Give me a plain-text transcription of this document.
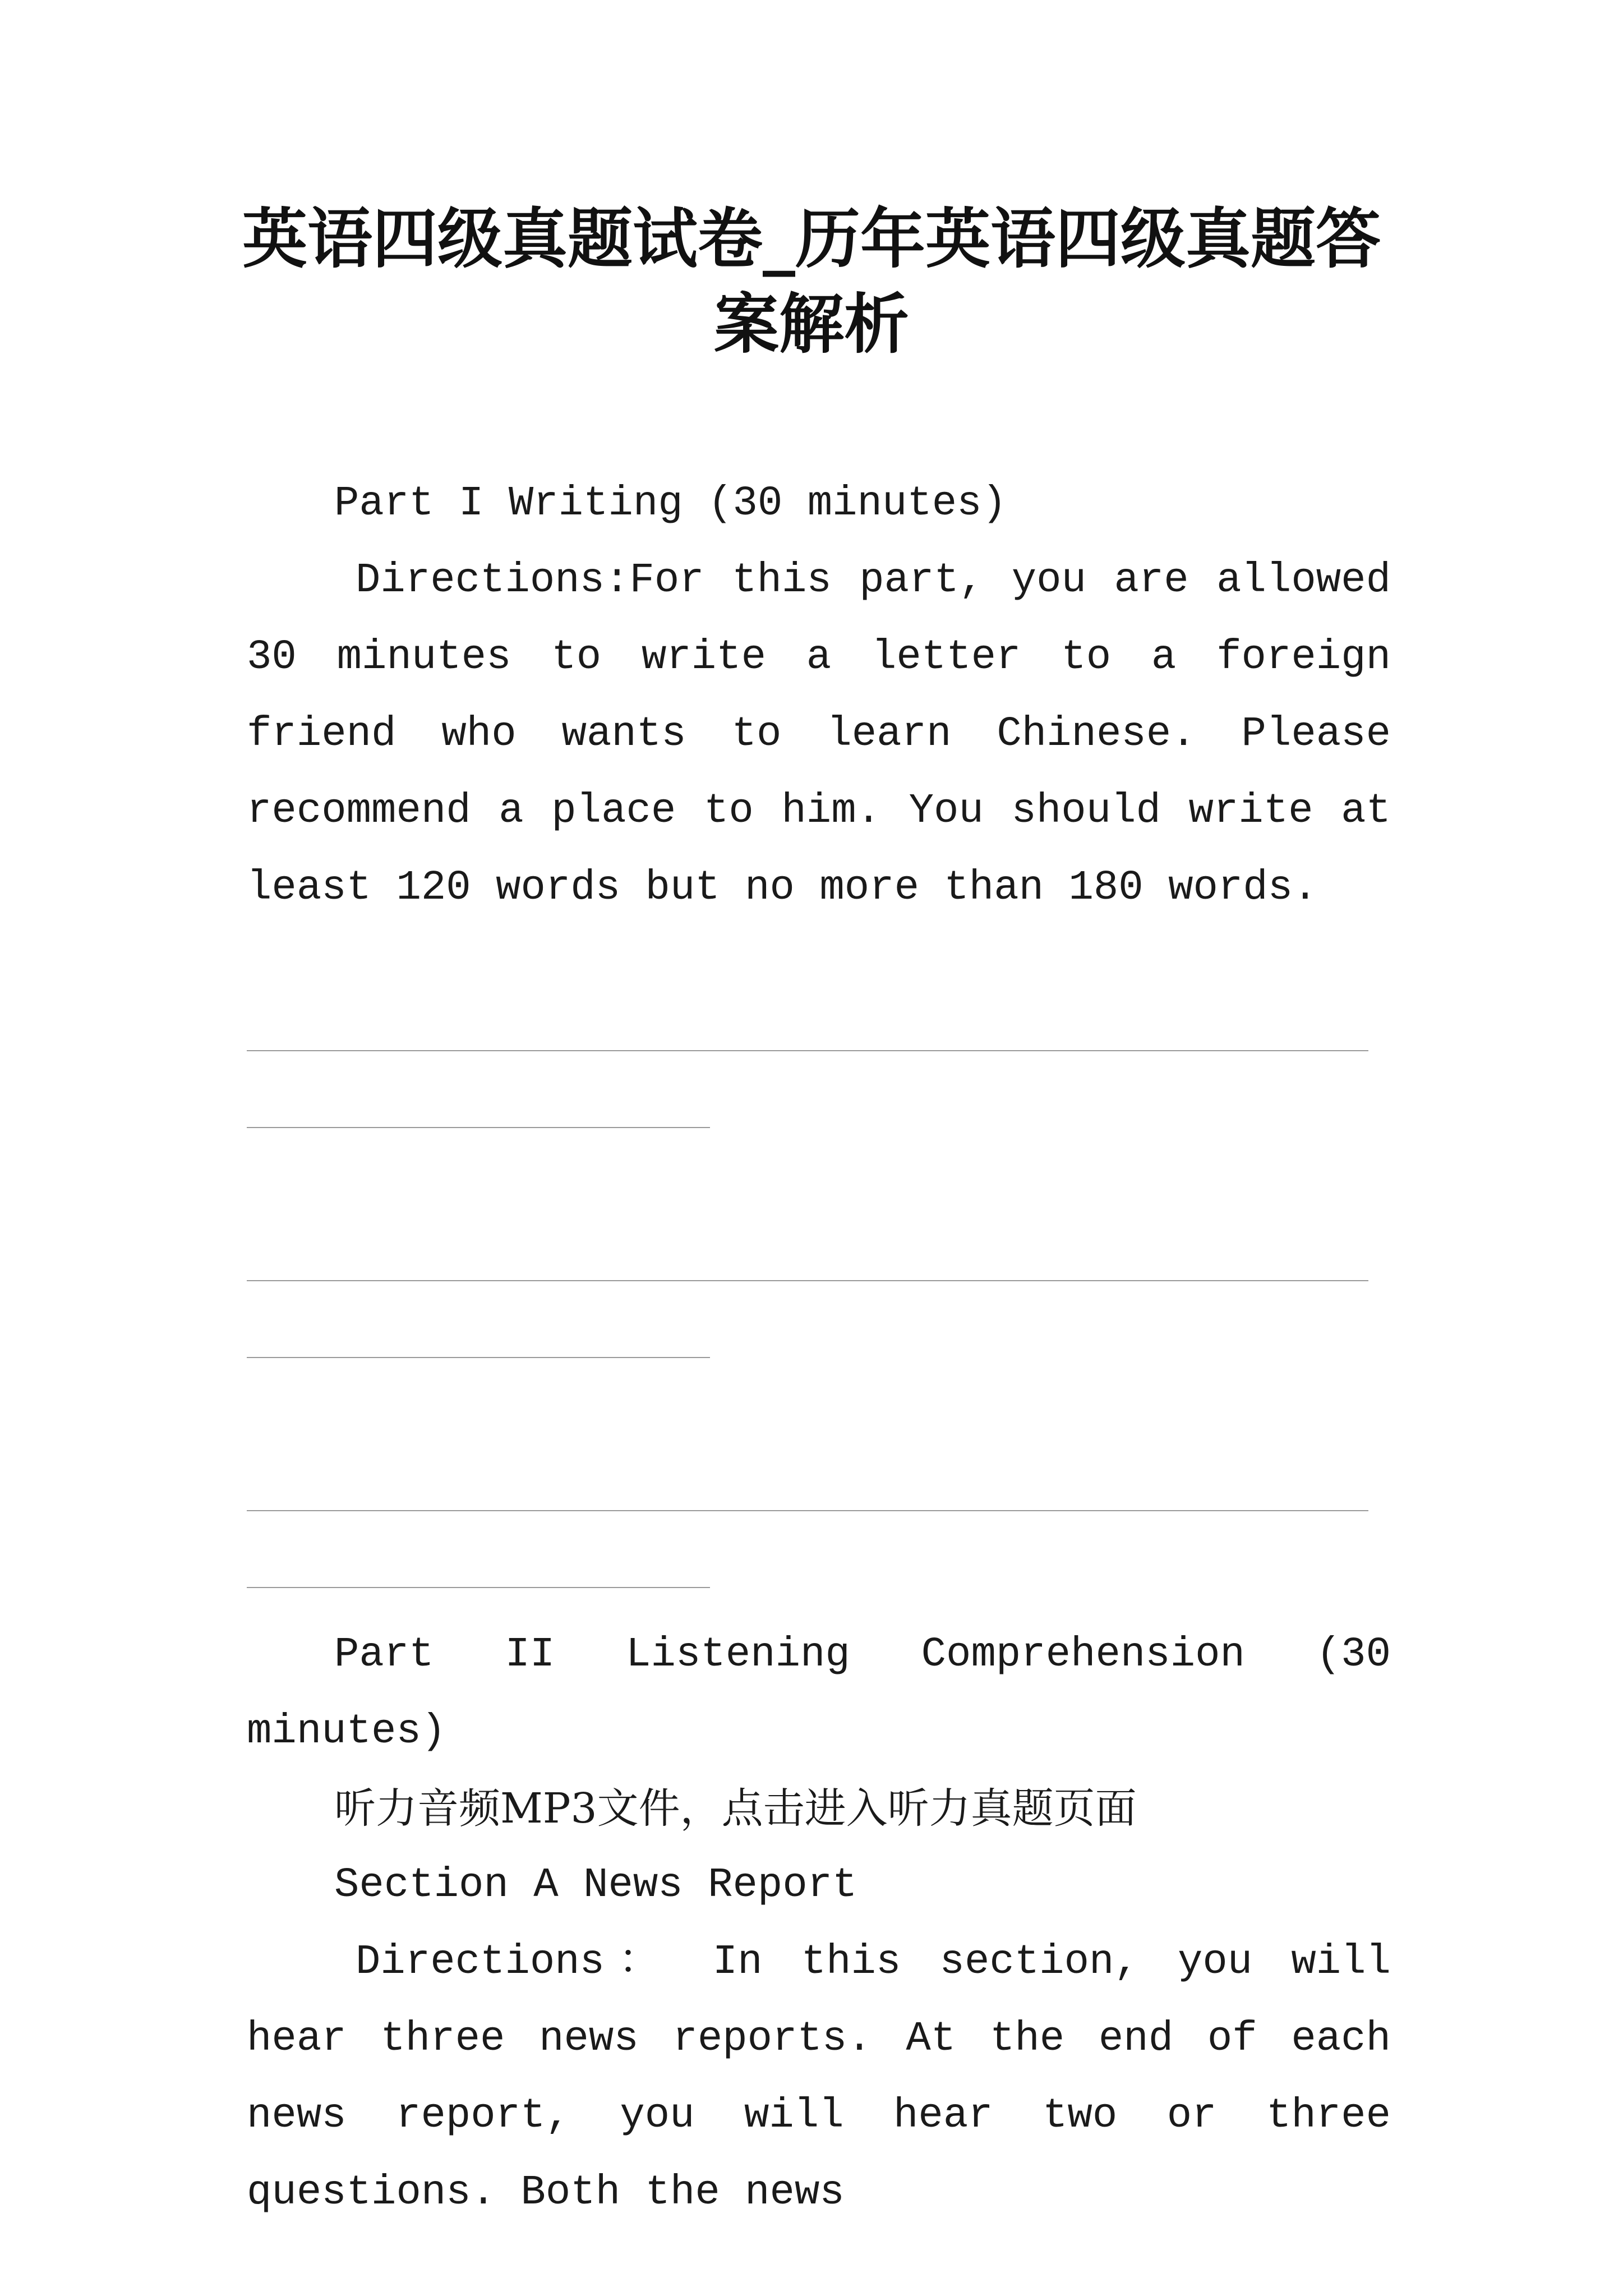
英语四级真题试卷_历年英语四级真题答案解析

Part I Writing (30 minutes)

Directions:For this part, you are allowed 30 minutes to write a letter to a foreign friend who wants to learn Chinese. Please recommend a place to him. You should write at least 120 words but no more than 180 words.

Part II Listening Comprehension (30 minutes)

听力音频MP3文件，点击进入听力真题页面

Section A News Report

Directions： In this section, you will hear three news reports. At the end of each news report, you will hear two or three questions. Both the news
